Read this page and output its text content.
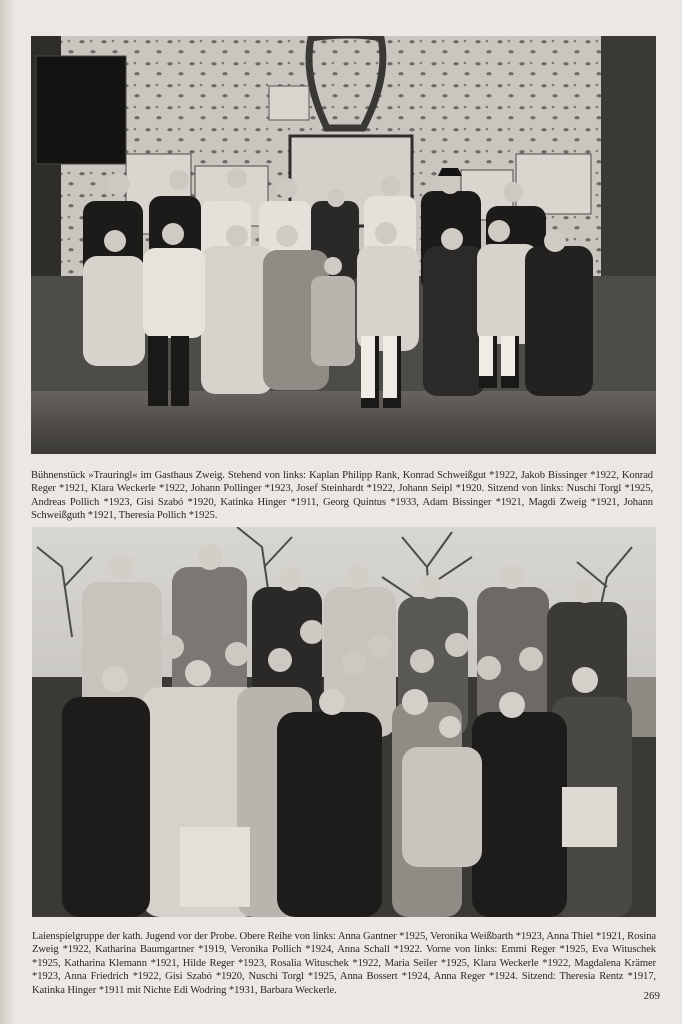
Bühnenstück »Trauringl« im Gasthaus Zweig. Stehend von links: Kaplan Philipp Rank, Konrad Schweißgut *1922, Jakob Bissinger *1922, Konrad Reger *1921, Klara Weckerle *1922, Johann Pollinger *1923, Josef Steinhardt *1922, Johann Seipl *1920. Sitzend von links: Nuschi Torgl *1925, Andreas Pollich *1923, Gisi Szabó *1920, Katinka Hinger *1911, Georg Quintus *1933, Adam Bissinger *1921, Magdi Zweig *1921, Johann Schweißguth *1921, Theresia Pollich *1925.

Laienspielgruppe der kath. Jugend vor der Probe. Obere Reihe von links: Anna Gantner *1925, Veronika Weißbarth *1923, Anna Thiel *1921, Rosina Zweig *1922, Katharina Baumgartner *1919, Veronika Pollich *1924, Anna Schall *1922. Vorne von links: Emmi Reger *1925, Eva Wituschek *1925, Katharina Klemann *1921, Hilde Reger *1923, Rosalia Wituschek *1922, Maria Seiler *1925, Klara Weckerle *1922, Magdalena Krämer *1923, Anna Friedrich *1922, Gisi Szabó *1920, Nuschi Torgl *1925, Anna Bossert *1924, Anna Reger *1924. Sitzend: Theresia Rentz *1917, Katinka Hinger *1911 mit Nichte Edi Wodring *1931, Barbara Weckerle.	269
